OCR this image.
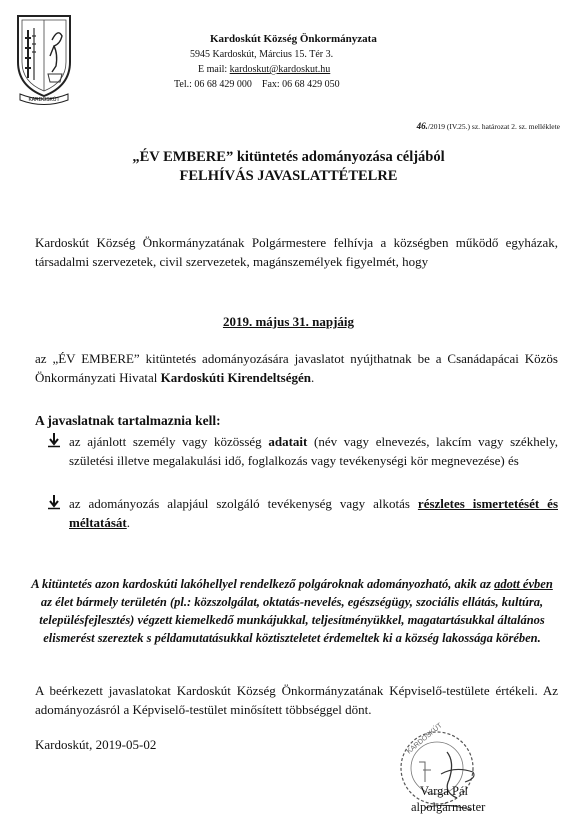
KARDOSKÚT
Kardoskút Község Önkormányzata
5945 Kardoskút, Március 15. Tér 3.
E mail: kardoskut@kardoskut.hu
Tel.: 06 68 429 000    Fax: 06 68 429 050
46./2019 (IV.25.) sz. határozat 2. sz. melléklete
„ÉV EMBERE” kitüntetés adományozása céljából
FELHÍVÁS JAVASLATTÉTELRE
Kardoskút Község Önkormányzatának Polgármestere felhívja a községben működő egyházak, társadalmi szervezetek, civil szervezetek, magánszemélyek figyelmét, hogy
2019. május 31. napjáig
az „ÉV EMBERE” kitüntetés adományozására javaslatot nyújthatnak be a Csanádapácai Közös Önkormányzati Hivatal Kardoskúti Kirendeltségén.
A javaslatnak tartalmaznia kell:
az ajánlott személy vagy közösség adatait (név vagy elnevezés, lakcím vagy székhely, születési illetve megalakulási idő, foglalkozás vagy tevékenységi kör megnevezése) és
az adományozás alapjául szolgáló tevékenység vagy alkotás részletes ismertetését és méltatását.
A kitüntetés azon kardoskúti lakóhellyel rendelkező polgároknak adományozható, akik az adott évben az élet bármely területén (pl.: közszolgálat, oktatás-nevelés, egészségügy, szociális ellátás, kultúra, településfejlesztés) végzett kiemelkedő munkájukkal, teljesítményükkel, magatartásukkal általános elismerést szereztek s példamutatásukkal köztiszteletet érdemeltek ki a község lakossága körében.
A beérkezett javaslatokat Kardoskút Község Önkormányzatának Képviselő-testülete értékeli. Az adományozásról a Képviselő-testület minősített többséggel dönt.
Kardoskút, 2019-05-02	KARDOSKÚT
Varga Pál
alpolgármester
